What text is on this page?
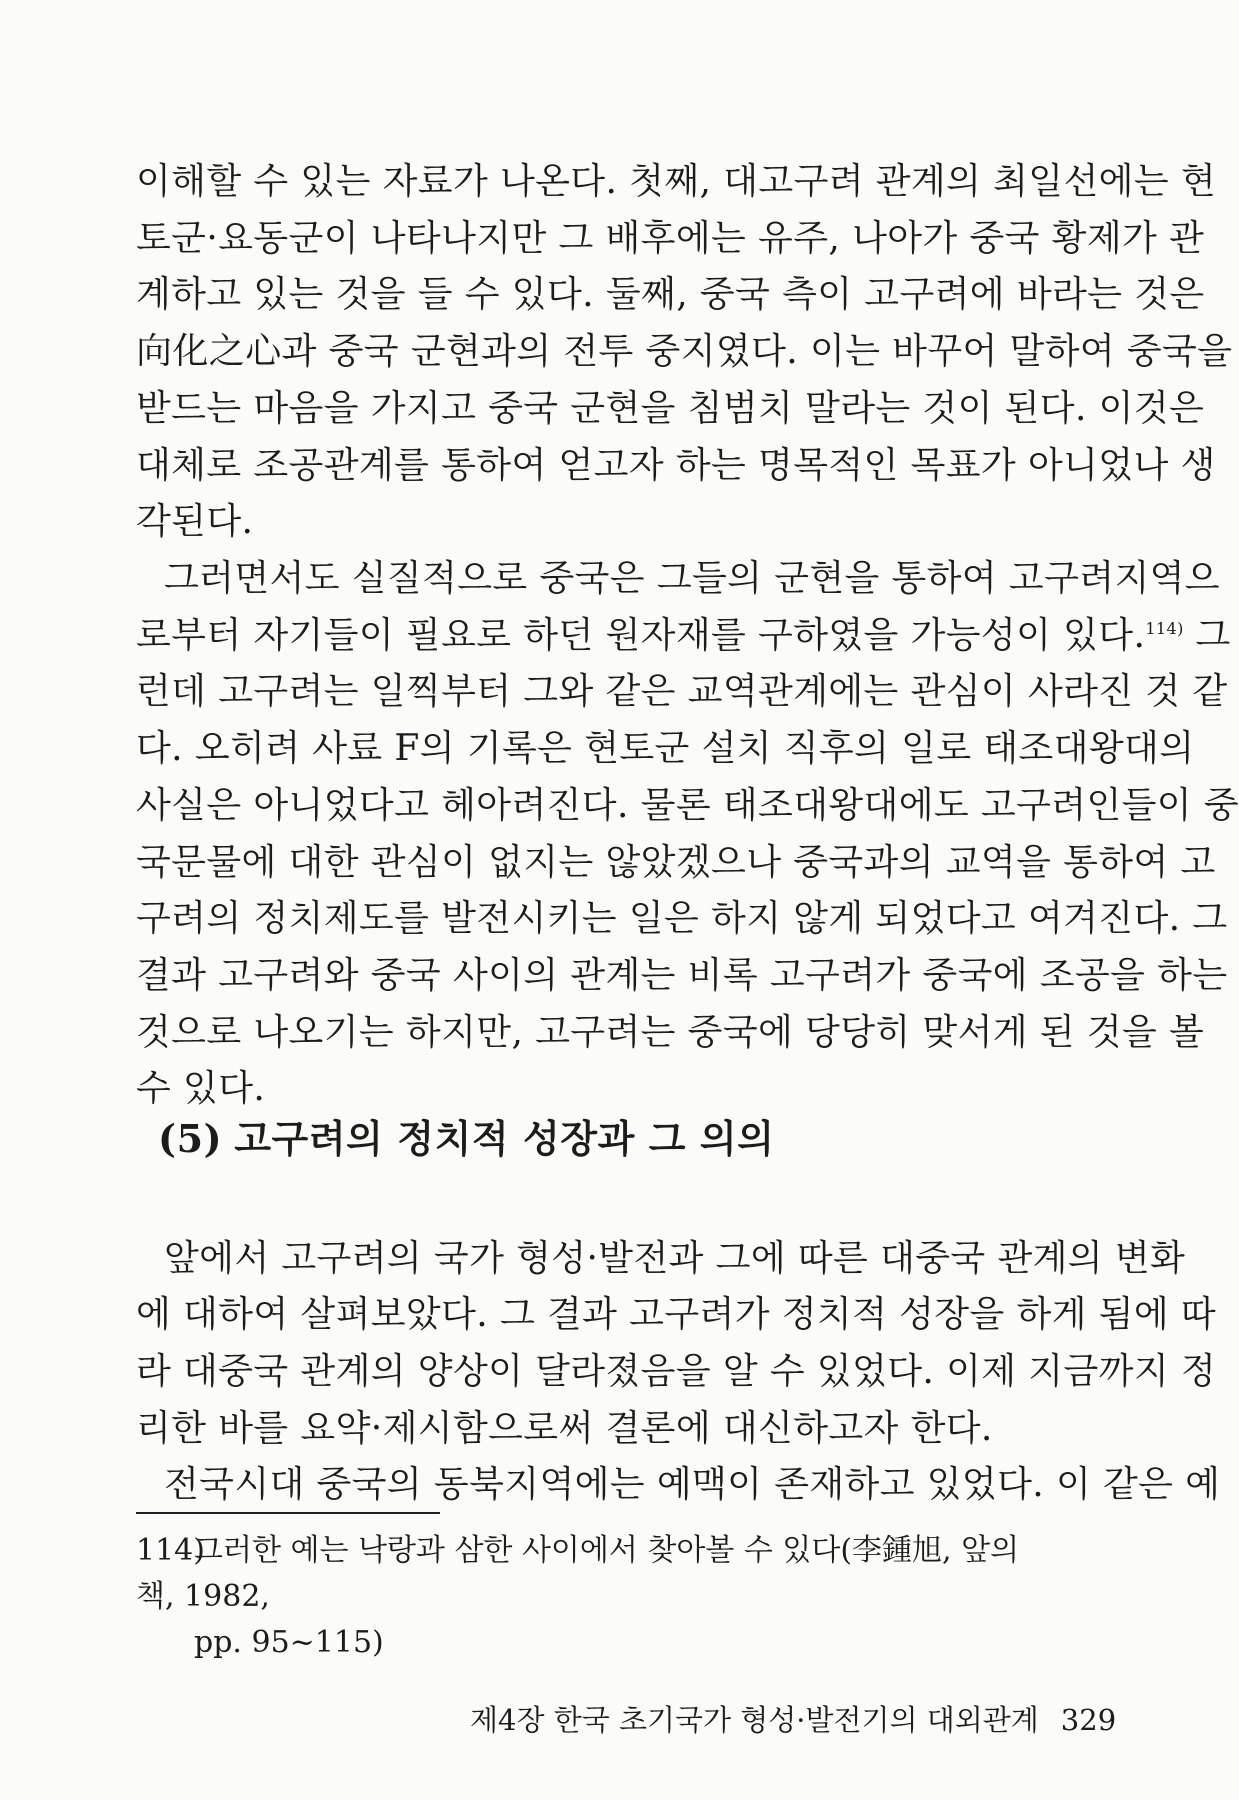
이해할 수 있는 자료가 나온다. 첫째, 대고구려 관계의 최일선에는 현

토군·요동군이 나타나지만 그 배후에는 유주, 나아가 중국 황제가 관

계하고 있는 것을 들 수 있다. 둘째, 중국 측이 고구려에 바라는 것은

向化之心과 중국 군현과의 전투 중지였다. 이는 바꾸어 말하여 중국을

받드는 마음을 가지고 중국 군현을 침범치 말라는 것이 된다. 이것은

대체로 조공관계를 통하여 얻고자 하는 명목적인 목표가 아니었나 생

각된다.

그러면서도 실질적으로 중국은 그들의 군현을 통하여 고구려지역으

로부터 자기들이 필요로 하던 원자재를 구하였을 가능성이 있다.$^{114)}$ 그

런데 고구려는 일찍부터 그와 같은 교역관계에는 관심이 사라진 것 같

다. 오히려 사료 F의 기록은 현토군 설치 직후의 일로 태조대왕대의

사실은 아니었다고 헤아려진다. 물론 태조대왕대에도 고구려인들이 중

국문물에 대한 관심이 없지는 않았겠으나 중국과의 교역을 통하여 고

구려의 정치제도를 발전시키는 일은 하지 않게 되었다고 여겨진다. 그

결과 고구려와 중국 사이의 관계는 비록 고구려가 중국에 조공을 하는

것으로 나오기는 하지만, 고구려는 중국에 당당히 맞서게 된 것을 볼

(5) 고구려의 정치적 성장과 그 의의

앞에서 고구려의 국가 형성·발전과 그에 따른 대중국 관계의 변화

에 대하여 살펴보았다. 그 결과 고구려가 정치적 성장을 하게 됨에 따

라 대중국 관계의 양상이 달라졌음을 알 수 있었다. 이제 지금까지 정

리한 바를 요약·제시함으로써 결론에 대신하고자 한다.

전국시대 중국의 동북지역에는 예맥이 존재하고 있었다. 이 같은 예

114)그러한 예는 낙랑과 삼한 사이에서 찾아볼 수 있다(李鍾旭, 앞의 책, 1982,
pp. 95~115)

제4장 한국 초기국가 형성·발전기의 대외관계 329

수 있다.
